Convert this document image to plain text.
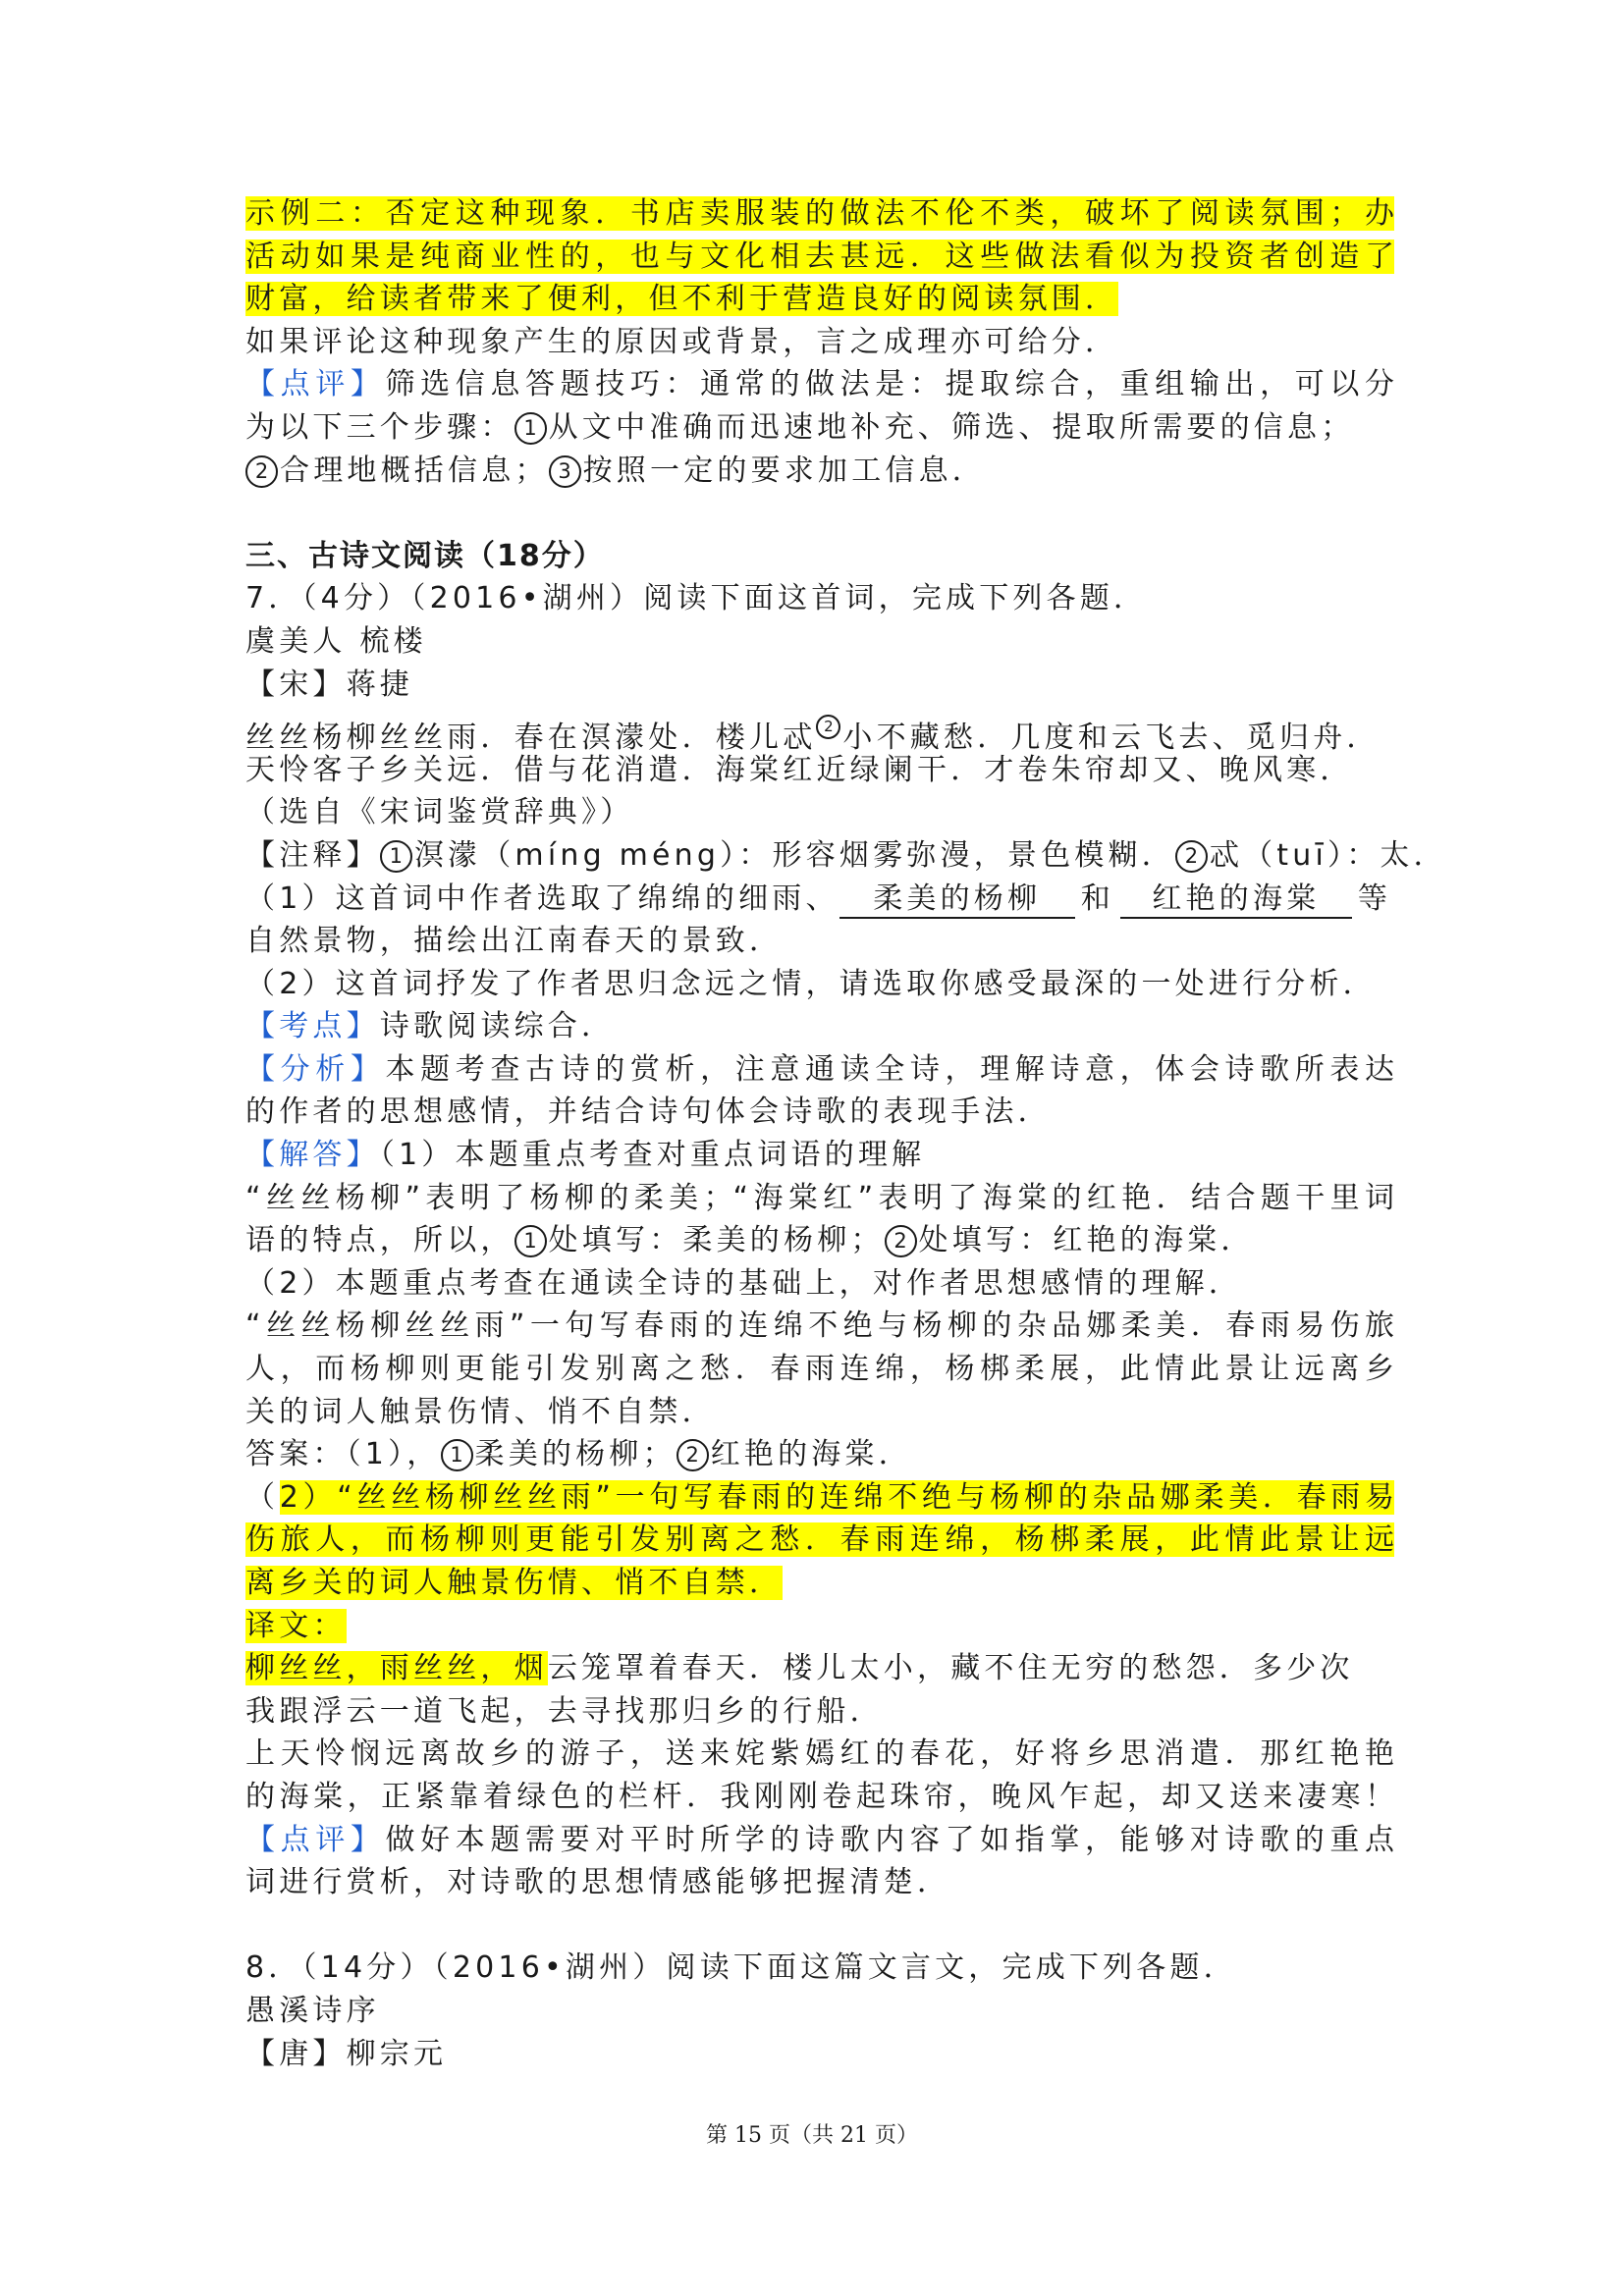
示例二：否定这种现象．书店卖服装的做法不伦不类，破坏了阅读氛围；办
活动如果是纯商业性的，也与文化相去甚远．这些做法看似为投资者创造了
财富，给读者带来了便利，但不利于营造良好的阅读氛围．
如果评论这种现象产生的原因或背景，言之成理亦可给分．
【点评】筛选信息答题技巧：通常的做法是：提取综合，重组输出，可以分
为以下三个步骤： 1 从文中准确而迅速地补充、筛选、提取所需要的信息；
2 合理地概括信息； 3 按照一定的要求加工信息．
三、古诗文阅读（18分）
7．（4分）（2016•湖州）阅读下面这首词，完成下列各题．
虞美人 梳楼
【宋】蒋捷
丝丝杨柳丝丝雨．春在溟濛处．楼儿忒 $^2$ 小不藏愁．几度和云飞去、觅归舟．
天怜客子乡关远．借与花消遣．海棠红近绿阑干．才卷朱帘却又、晚风寒．
（选自《宋词鉴赏辞典》）
【注释】 1 溟濛（míng méng）：形容烟雾弥漫，景色模糊． 2 忒（tuī）：太．
（1）这首词中作者选取了绵绵的细雨、 柔美的杨柳 和 红艳的海棠 等
自然景物，描绘出江南春天的景致．
（2）这首词抒发了作者思归念远之情，请选取你感受最深的一处进行分析．
【考点】诗歌阅读综合．
【分析】本题考查古诗的赏析，注意通读全诗，理解诗意，体会诗歌所表达
的作者的思想感情，并结合诗句体会诗歌的表现手法．
【解答】（1）本题重点考查对重点词语的理解
“丝丝杨柳”表明了杨柳的柔美；“海棠红”表明了海棠的红艳．结合题干里词
语的特点，所以， 1 处填写：柔美的杨柳； 2 处填写：红艳的海棠．
（2）本题重点考查在通读全诗的基础上，对作者思想感情的理解．
“丝丝杨柳丝丝雨”一句写春雨的连绵不绝与杨柳的杂品娜柔美．春雨易伤旅
人，而杨柳则更能引发别离之愁．春雨连绵，杨梆柔展，此情此景让远离乡
关的词人触景伤情、悄不自禁．
答案：（1）， 1 柔美的杨柳； 2 红艳的海棠．
（2）“丝丝杨柳丝丝雨”一句写春雨的连绵不绝与杨柳的杂品娜柔美．春雨易
伤旅人，而杨柳则更能引发别离之愁．春雨连绵，杨梆柔展，此情此景让远
离乡关的词人触景伤情、悄不自禁．
译文：
柳丝丝，雨丝丝，烟云笼罩着春天．楼儿太小，藏不住无穷的愁怨．多少次
我跟浮云一道飞起，去寻找那归乡的行船．
上天怜悯远离故乡的游子，送来姹紫嫣红的春花，好将乡思消遣．那红艳艳
的海棠，正紧靠着绿色的栏杆．我刚刚卷起珠帘，晚风乍起，却又送来凄寒！
【点评】做好本题需要对平时所学的诗歌内容了如指掌，能够对诗歌的重点
词进行赏析，对诗歌的思想情感能够把握清楚．
8．（14分）（2016•湖州）阅读下面这篇文言文，完成下列各题．
愚溪诗序
【唐】柳宗元
第 15 页（共 21 页）
